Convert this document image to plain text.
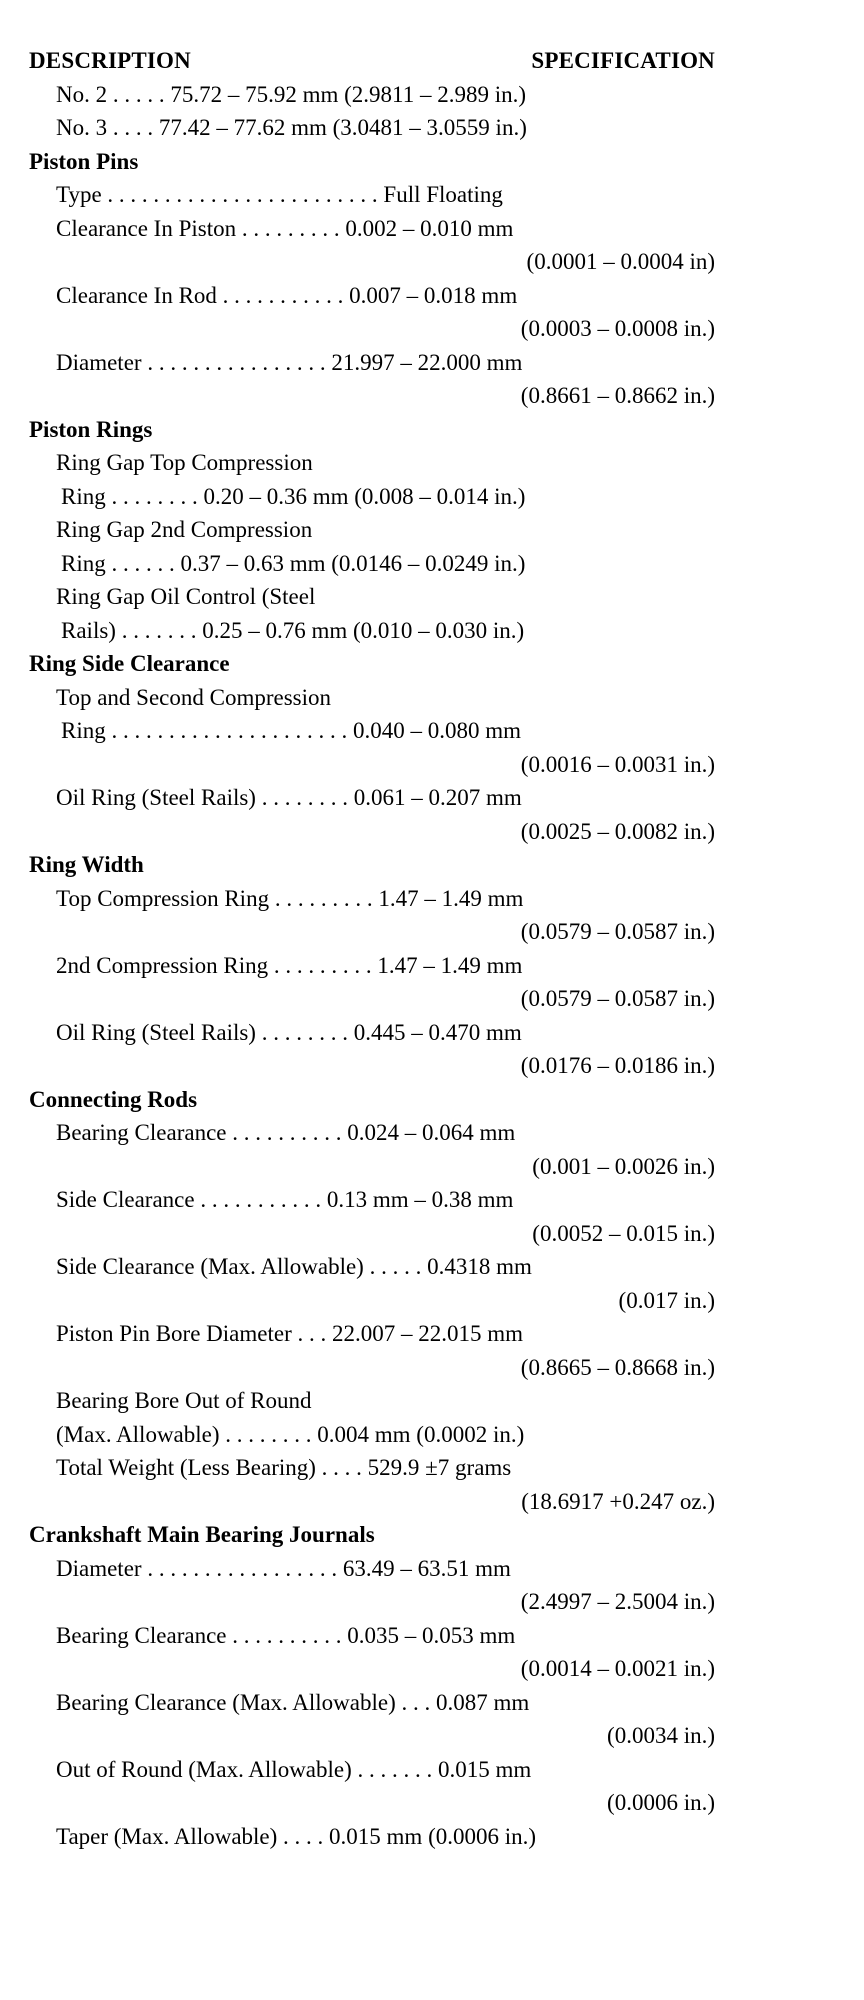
DESCRIPTION	SPECIFICATION
No. 2 . . . . . 75.72 – 75.92 mm (2.9811 – 2.989 in.)
No. 3 . . . . 77.42 – 77.62 mm (3.0481 – 3.0559 in.)
Piston Pins
Type . . . . . . . . . . . . . . . . . . . . . . . . Full Floating
Clearance In Piston . . . . . . . . . 0.002 – 0.010 mm
(0.0001 – 0.0004 in)
Clearance In Rod . . . . . . . . . . . 0.007 – 0.018 mm
(0.0003 – 0.0008 in.)
Diameter . . . . . . . . . . . . . . . . 21.997 – 22.000 mm
(0.8661 – 0.8662 in.)
Piston Rings
Ring Gap Top Compression
Ring . . . . . . . . 0.20 – 0.36 mm (0.008 – 0.014 in.)
Ring Gap 2nd Compression
Ring . . . . . . 0.37 – 0.63 mm (0.0146 – 0.0249 in.)
Ring Gap Oil Control (Steel
Rails) . . . . . . . 0.25 – 0.76 mm (0.010 – 0.030 in.)
Ring Side Clearance
Top and Second Compression
Ring . . . . . . . . . . . . . . . . . . . . . 0.040 – 0.080 mm
(0.0016 – 0.0031 in.)
Oil Ring (Steel Rails) . . . . . . . . 0.061 – 0.207 mm
(0.0025 – 0.0082 in.)
Ring Width
Top Compression Ring . . . . . . . . . 1.47 – 1.49 mm
(0.0579 – 0.0587 in.)
2nd Compression Ring . . . . . . . . . 1.47 – 1.49 mm
(0.0579 – 0.0587 in.)
Oil Ring (Steel Rails) . . . . . . . . 0.445 – 0.470 mm
(0.0176 – 0.0186 in.)
Connecting Rods
Bearing Clearance . . . . . . . . . . 0.024 – 0.064 mm
(0.001 – 0.0026 in.)
Side Clearance . . . . . . . . . . . 0.13 mm – 0.38 mm
(0.0052 – 0.015 in.)
Side Clearance (Max. Allowable) . . . . . 0.4318 mm
(0.017 in.)
Piston Pin Bore Diameter . . . 22.007 – 22.015 mm
(0.8665 – 0.8668 in.)
Bearing Bore Out of Round
(Max. Allowable) . . . . . . . . 0.004 mm (0.0002 in.)
Total Weight (Less Bearing) . . . . 529.9 ±7 grams
(18.6917 +0.247 oz.)
Crankshaft Main Bearing Journals
Diameter . . . . . . . . . . . . . . . . . 63.49 – 63.51 mm
(2.4997 – 2.5004 in.)
Bearing Clearance . . . . . . . . . . 0.035 – 0.053 mm
(0.0014 – 0.0021 in.)
Bearing Clearance (Max. Allowable) . . . 0.087 mm
(0.0034 in.)
Out of Round (Max. Allowable) . . . . . . . 0.015 mm
(0.0006 in.)
Taper (Max. Allowable) . . . . 0.015 mm (0.0006 in.)
